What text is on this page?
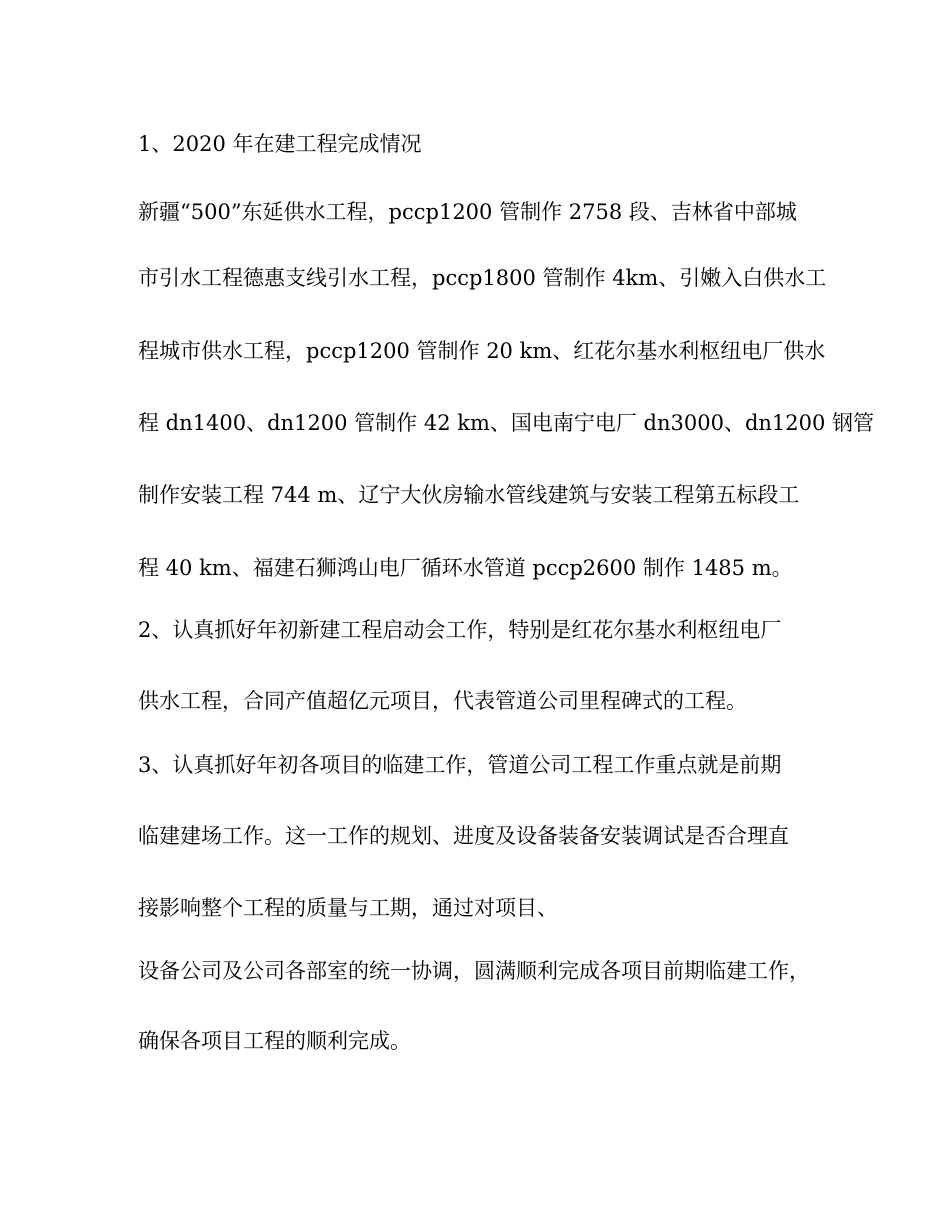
1、2020 年在建工程完成情况
新疆“500”东延供水工程，pccp1200 管制作 2758 段、吉林省中部城
市引水工程德惠支线引水工程，pccp1800 管制作 4km、引嫩入白供水工
程城市供水工程，pccp1200 管制作 20 km、红花尔基水利枢纽电厂供水
程 dn1400、dn1200 管制作 42 km、国电南宁电厂 dn3000、dn1200 钢管
制作安装工程 744 m、辽宁大伙房输水管线建筑与安装工程第五标段工
程 40 km、福建石狮鸿山电厂循环水管道 pccp2600 制作 1485 m。
2、认真抓好年初新建工程启动会工作，特别是红花尔基水利枢纽电厂
供水工程，合同产值超亿元项目，代表管道公司里程碑式的工程。
3、认真抓好年初各项目的临建工作，管道公司工程工作重点就是前期
临建建场工作。这一工作的规划、进度及设备装备安装调试是否合理直
接影响整个工程的质量与工期，通过对项目、
设备公司及公司各部室的统一协调，圆满顺利完成各项目前期临建工作，
确保各项目工程的顺利完成。
